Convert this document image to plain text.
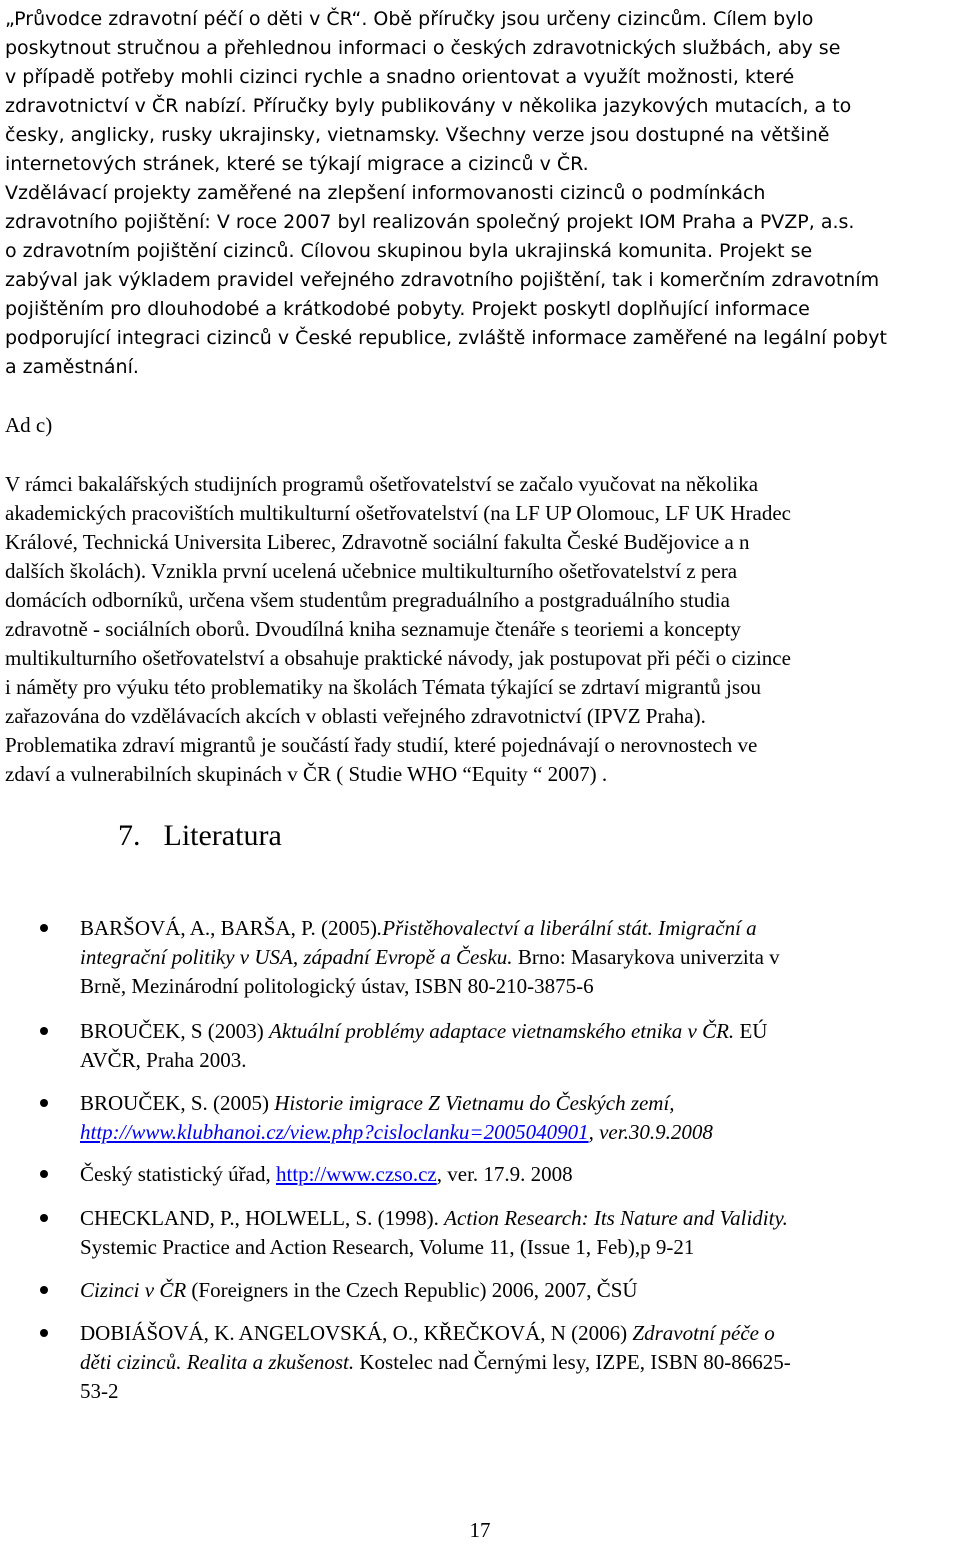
„Průvodce zdravotní péčí o děti v ČR“. Obě příručky jsou určeny cizincům. Cílem bylo
poskytnout stručnou a přehlednou informaci o českých zdravotnických službách, aby se
v případě potřeby mohli cizinci rychle a snadno orientovat a využít možnosti, které
zdravotnictví v ČR nabízí. Příručky byly publikovány v několika jazykových mutacích, a to
česky, anglicky, rusky ukrajinsky, vietnamsky. Všechny verze jsou dostupné na většině
internetových stránek, které se týkají migrace a cizinců v ČR.
Vzdělávací projekty zaměřené na zlepšení informovanosti cizinců o podmínkách
zdravotního pojištění: V roce 2007 byl realizován společný projekt IOM Praha a PVZP, a.s.
o zdravotním pojištění cizinců. Cílovou skupinou byla ukrajinská komunita. Projekt se
zabýval jak výkladem pravidel veřejného zdravotního pojištění, tak i komerčním zdravotním
pojištěním pro dlouhodobé a krátkodobé pobyty. Projekt poskytl doplňující informace
podporující integraci cizinců v České republice, zvláště informace zaměřené na legální pobyt
a zaměstnání.
Ad c)
V rámci bakalářských studijních programů ošetřovatelství se začalo vyučovat na několika
akademických pracovištích multikulturní ošetřovatelství (na LF UP Olomouc, LF UK Hradec
Králové, Technická Universita Liberec, Zdravotně sociální fakulta České Budějovice a n
dalších školách). Vznikla první ucelená učebnice multikulturního ošetřovatelství z pera
domácích odborníků, určena všem studentům pregraduálního a postgraduálního studia
zdravotně - sociálních oborů. Dvoudílná kniha seznamuje čtenáře s teoriemi a koncepty
multikulturního ošetřovatelství a obsahuje praktické návody, jak postupovat při péči o cizince
i náměty pro výuku této problematiky na školách Témata týkající se zdrtaví migrantů jsou
zařazována do vzdělávacích akcích v oblasti veřejného zdravotnictví (IPVZ Praha).
Problematika zdraví migrantů je součástí řady studií, které pojednávají o nerovnostech ve
zdaví a vulnerabilních skupinách v ČR ( Studie WHO “Equity “ 2007) .
7. Literatura
BARŠOVÁ, A., BARŠA, P. (2005).Přistěhovalectví a liberální stát. Imigrační a
integrační politiky v USA, západní Evropě a Česku. Brno: Masarykova univerzita v
Brně, Mezinárodní politologický ústav, ISBN 80-210-3875-6
BROUČEK, S (2003) Aktuální problémy adaptace vietnamského etnika v ČR. EÚ
AVČR, Praha 2003.
BROUČEK, S. (2005) Historie imigrace Z Vietnamu do Českých zemí,
http://www.klubhanoi.cz/view.php?cisloclanku=2005040901, ver.30.9.2008
Český statistický úřad, http://www.czso.cz, ver. 17.9. 2008
CHECKLAND, P., HOLWELL, S. (1998). Action Research: Its Nature and Validity.
Systemic Practice and Action Research, Volume 11, (Issue 1, Feb),p 9-21
Cizinci v ČR (Foreigners in the Czech Republic) 2006, 2007, ČSÚ
DOBIÁŠOVÁ, K. ANGELOVSKÁ, O., KŘEČKOVÁ, N (2006) Zdravotní péče o
děti cizinců. Realita a zkušenost. Kostelec nad Černými lesy, IZPE, ISBN 80-86625-
53-2
17
